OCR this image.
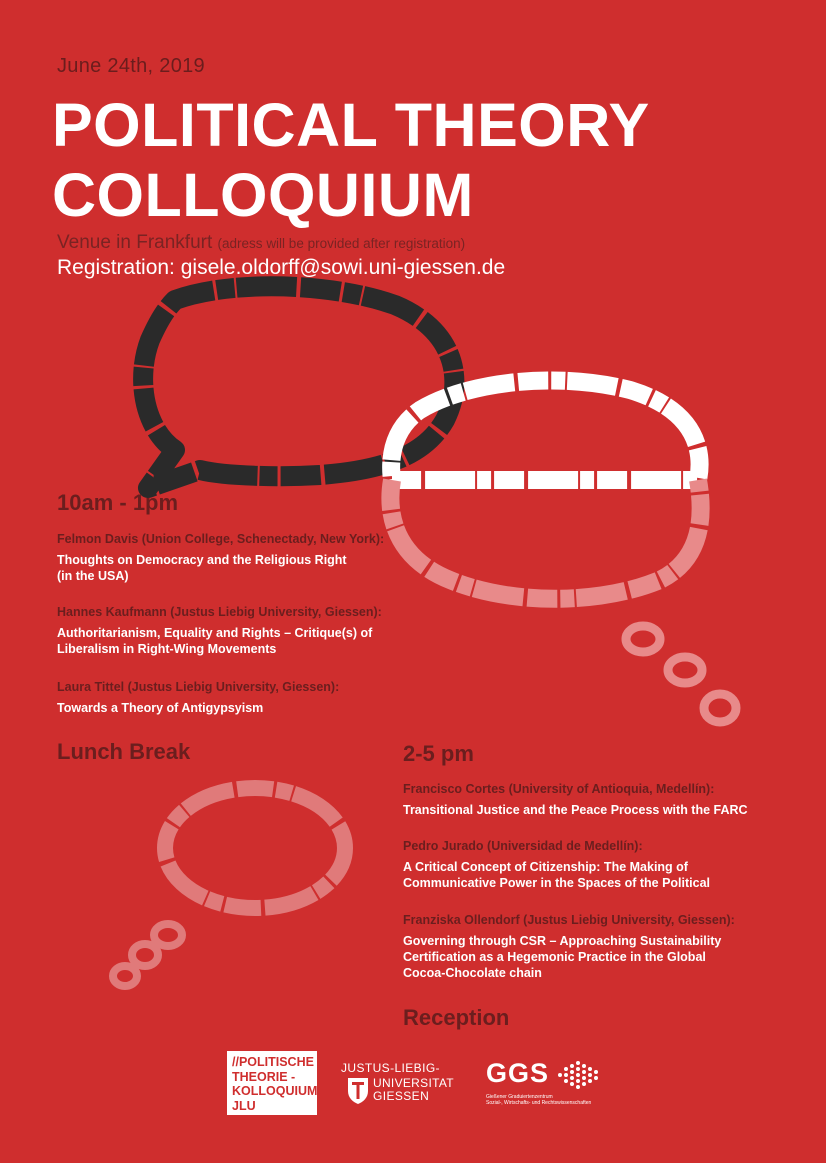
June 24th, 2019
POLITICAL THEORY
COLLOQUIUM
Venue in Frankfurt (adress will be provided after registration)
Registration: gisele.oldorff@sowi.uni-giessen.de
10am - 1pm
Felmon Davis (Union College, Schenectady, New York):
Thoughts on Democracy and the Religious Right
(in the USA)
Hannes Kaufmann (Justus Liebig University, Giessen):
Authoritarianism, Equality and Rights – Critique(s) of
Liberalism in Right-Wing Movements
Laura Tittel (Justus Liebig University, Giessen):
Towards a Theory of Antigypsyism
Lunch Break	2-5 pm
Francisco Cortes (University of Antioquia, Medellín):
Transitional Justice and the Peace Process with the FARC
Pedro Jurado (Universidad de Medellín):
A Critical Concept of Citizenship: The Making of
Communicative Power in the Spaces of the Political
Franziska Ollendorf (Justus Liebig University, Giessen):
Governing through CSR – Approaching Sustainability
Certification as a Hegemonic Practice in the Global
Cocoa-Chocolate chain
Reception
//POLITISCHE
THEORIE -
KOLLOQUIUM
JLU
JUSTUS-LIEBIG-
UNIVERSITAT
GIESSEN
GGS
Gießener Graduiertenzentrum
Sozial-, Wirtschafts- und Rechtswissenschaften
